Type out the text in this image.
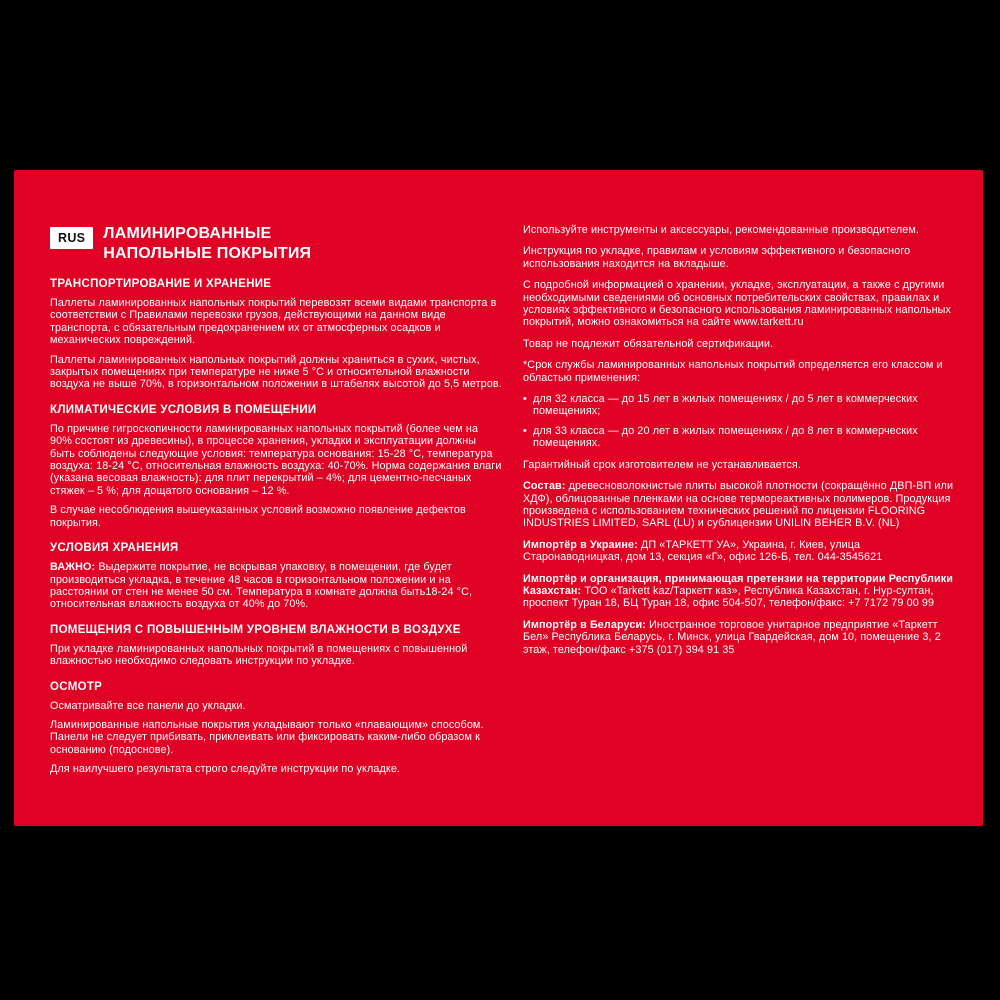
RUS	ЛАМИНИРОВАННЫЕ
НАПОЛЬНЫЕ ПОКРЫТИЯ
ТРАНСПОРТИРОВАНИЕ И ХРАНЕНИЕ

Паллеты ламинированных напольных покрытий перевозят всеми видами транспорта в соответствии с Правилами перевозки грузов, действующими на данном виде транспорта, с обязательным предохранением их от атмосферных осадков и механических повреждений.

Паллеты ламинированных напольных покрытий должны храниться в сухих, чистых, закрытых помещениях при температуре не ниже 5 °С и относительной влажности воздуха не выше 70%, в горизонтальном положении в штабелях высотой до 5,5 метров.

КЛИМАТИЧЕСКИЕ УСЛОВИЯ В ПОМЕЩЕНИИ

По причине гигроскопичности ламинированных напольных покрытий (более чем на 90% состоят из древесины), в процессе хранения, укладки и эксплуатации должны быть соблюдены следующие условия: температура основания: 15-28 °С, температура воздуха: 18-24 °С, относительная влажность воздуха: 40-70%. Норма содержания влаги (указана весовая влажность): для плит перекрытий – 4%; для цементно-песчаных стяжек – 5 %; для дощатого основания – 12 %.

В случае несоблюдения вышеуказанных условий возможно появление дефектов покрытия.

УСЛОВИЯ ХРАНЕНИЯ

ВАЖНО: Выдержите покрытие, не вскрывая упаковку, в помещении, где будет производиться укладка, в течение 48 часов в горизонтальном положении и на расстоянии от стен не менее 50 см. Температура в комнате должна быть18-24 °С, относительная влажность воздуха от 40% до 70%.

ПОМЕЩЕНИЯ С ПОВЫШЕННЫМ УРОВНЕМ ВЛАЖНОСТИ В ВОЗДУХЕ

При укладке ламинированных напольных покрытий в помещениях с повышенной влажностью необходимо следовать инструкции по укладке.

ОСМОТР

Осматривайте все панели до укладки.

Ламинированные напольные покрытия укладывают только «плавающим» способом. Панели не следует прибивать, приклеивать или фиксировать каким-либо образом к основанию (подоснове).

Для наилучшего результата строго следуйте инструкции по укладке.

Используйте инструменты и аксессуары, рекомендованные производителем.

Инструкция по укладке, правилам и условиям эффективного и безопасного использования находится на вкладыше.

С подробной информацией о хранении, укладке, эксплуатации, а также с другими необходимыми сведениями об основных потребительских свойствах, правилах и условиях эффективного и безопасного использования ламинированных напольных покрытий, можно ознакомиться на сайте www.tarkett.ru

Товар не подлежит обязательной сертификации.

*Срок службы ламинированных напольных покрытий определяется его классом и областью применения:

• для 32 класса — до 15 лет в жилых помещениях / до 5 лет в коммерческих помещениях;
• для 33 класса — до 20 лет в жилых помещениях / до 8 лет в коммерческих помещениях.

Гарантийный срок изготовителем не устанавливается.

Состав: древесноволокнистые плиты высокой плотности (сокращённо ДВП-ВП или ХДФ), облицованные пленками на основе термореактивных полимеров. Продукция произведена с использованием технических решений по лицензии FLOORING INDUSTRIES LIMITED, SARL (LU) и сублицензии UNILIN BEHER B.V. (NL)

Импортёр в Украине: ДП «ТАРКЕТТ УА», Украина, г. Киев, улица Старонаводницкая, дом 13, секция «Г», офис 126-Б, тел. 044-3545621

Импортёр и организация, принимающая претензии на территории Республики Казахстан: ТОО «Tarkett kaz/Таркетт каз», Республика Казахстан, г. Нур-султан, проспект Туран 18, БЦ Туран 18, офис 504-507, телефон/факс: +7 7172 79 00 99

Импортёр в Беларуси: Иностранное торговое унитарное предприятие «Таркетт Бел» Республика Беларусь, г. Минск, улица Гвардейская, дом 10, помещение 3, 2 этаж, телефон/факс +375 (017) 394 91 35
